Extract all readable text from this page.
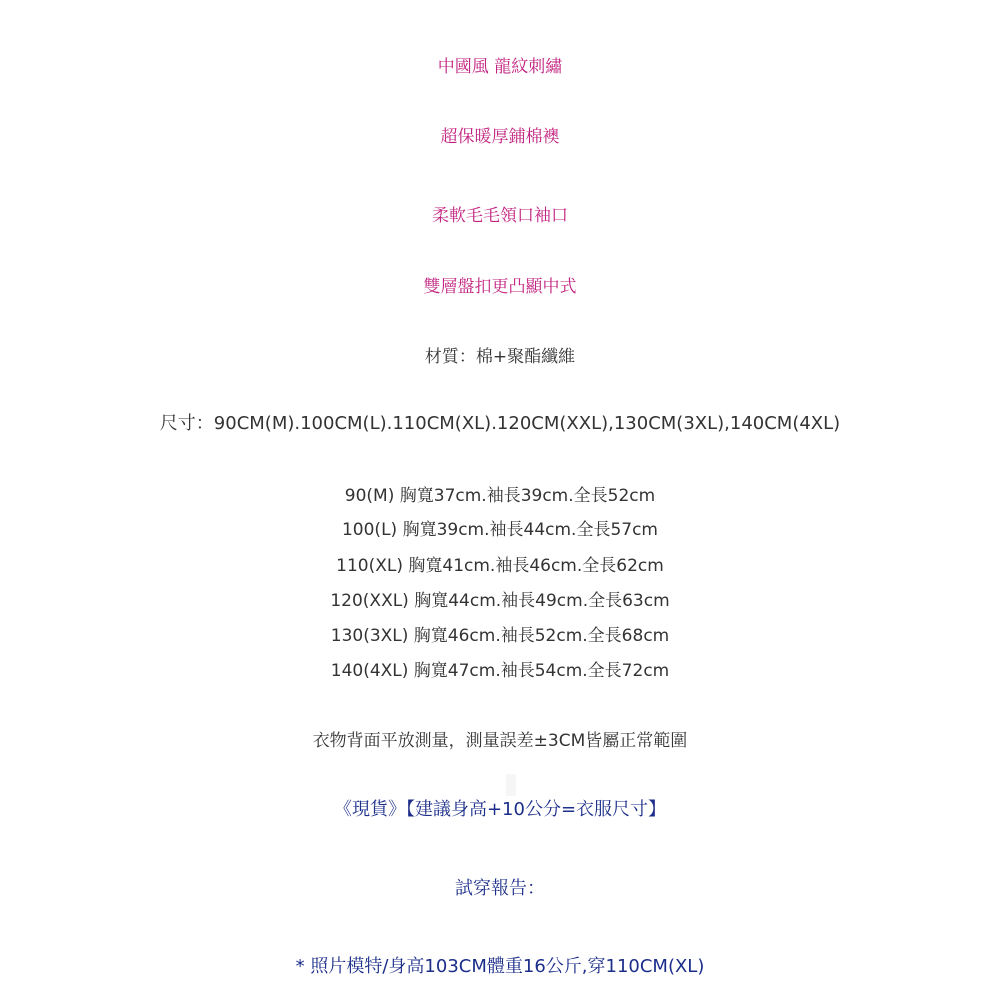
中國風 龍紋刺繡
超保暖厚鋪棉襖
柔軟毛毛領口袖口
雙層盤扣更凸顯中式
材質：棉+聚酯纖維
尺寸：90CM(M).100CM(L).110CM(XL).120CM(XXL),130CM(3XL),140CM(4XL)
90(M) 胸寬37cm.袖長39cm.全長52cm
100(L) 胸寬39cm.袖長44cm.全長57cm
110(XL) 胸寬41cm.袖長46cm.全長62cm
120(XXL) 胸寬44cm.袖長49cm.全長63cm
130(3XL) 胸寬46cm.袖長52cm.全長68cm
140(4XL) 胸寬47cm.袖長54cm.全長72cm
衣物背面平放測量，測量誤差±3CM皆屬正常範圍
《現貨》【建議身高+10公分=衣服尺寸】
試穿報告：
* 照片模特/身高103CM體重16公斤,穿110CM(XL)
